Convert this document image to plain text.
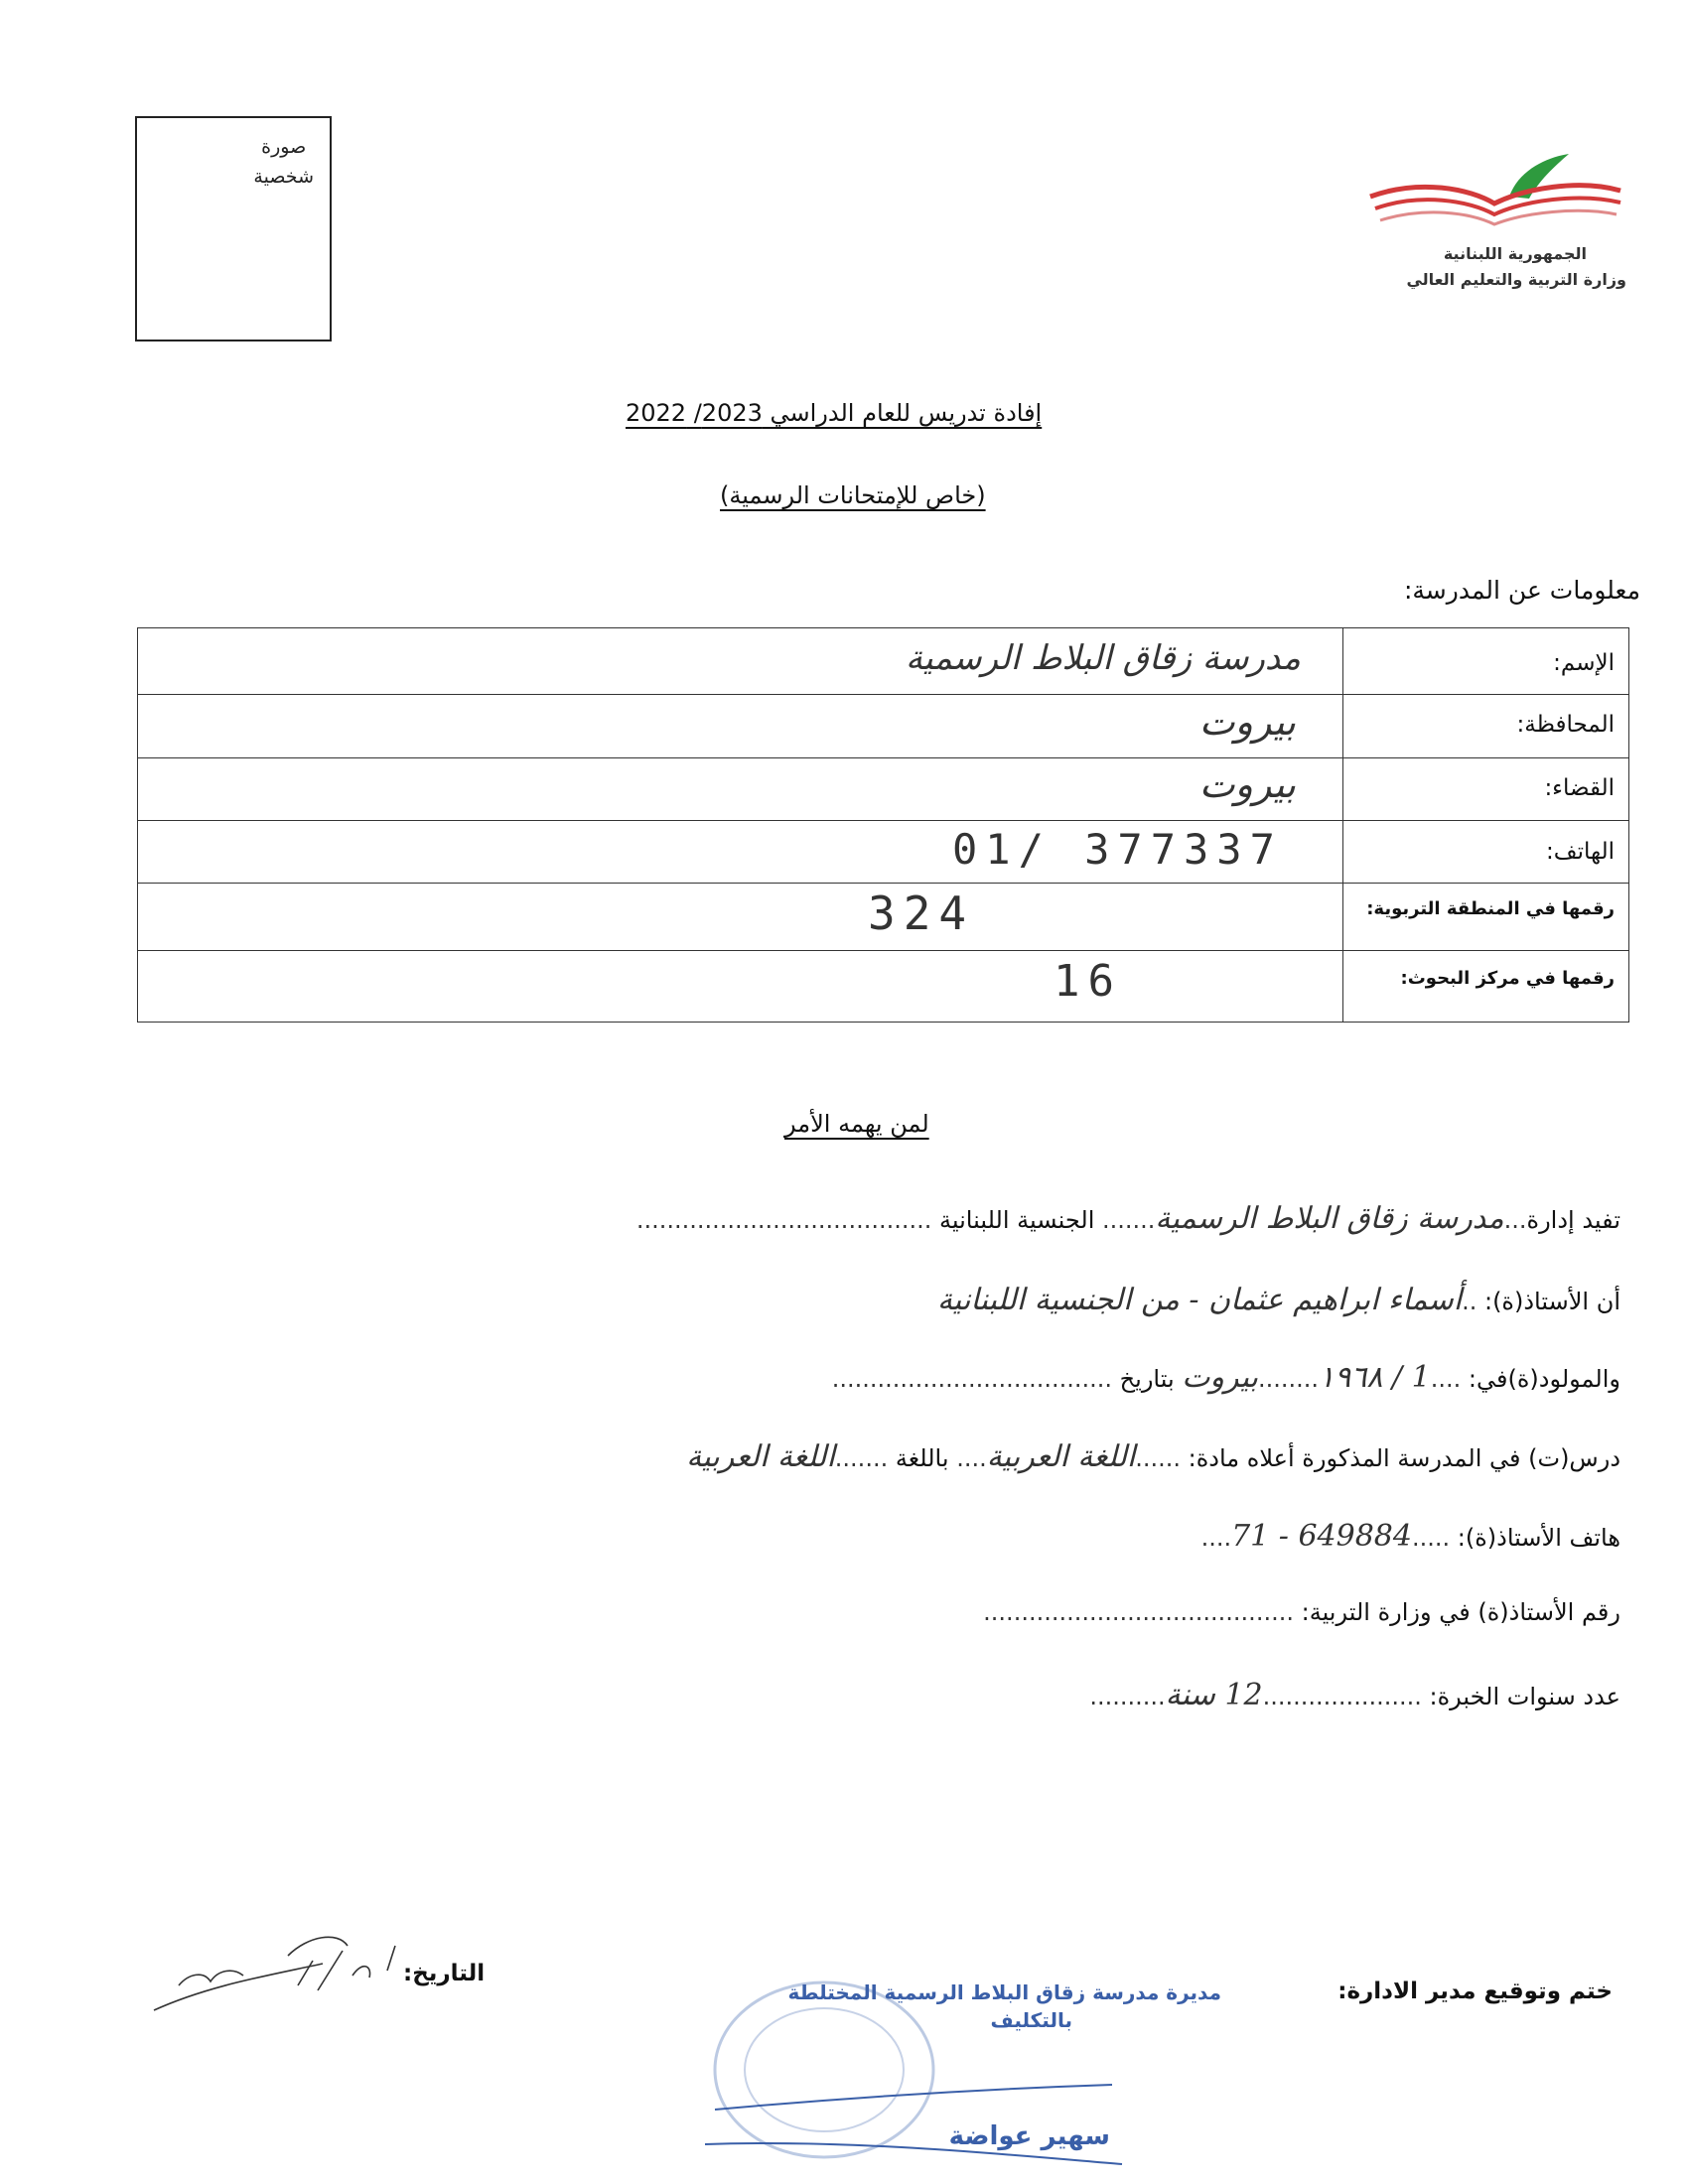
صورة
شخصية
الجمهورية اللبنانية
وزارة التربية والتعليم العالي
إفادة تدريس للعام الدراسي 2023/ 2022
(خاص للإمتحانات الرسمية)
معلومات عن المدرسة:
الإسم:
مدرسة زقاق البلاط الرسمية
المحافظة:
بيروت
القضاء:
بيروت
الهاتف:
01/ 377337
رقمها في المنطقة التربوية:
324
رقمها في مركز البحوث:
16
لمن يهمه الأمر
تفيد إدارة...مدرسة زقاق البلاط الرسمية....... الجنسية اللبنانية .......................................
أن الأستاذ(ة): ..أسماء ابراهيم عثمان - من الجنسية اللبنانية
والمولود(ة)في: ....1 / ١٩٦٨........بيروت بتاريخ .....................................
درس(ت) في المدرسة المذكورة أعلاه مادة: ......اللغة العربية.... باللغة .......اللغة العربية
هاتف الأستاذ(ة): .....71 - 649884....
رقم الأستاذ(ة) في وزارة التربية: .........................................
عدد سنوات الخبرة: .....................12 سنة..........
ختم وتوقيع مدير الادارة:
التاريخ:
مديرة مدرسة زقاق البلاط الرسمية المختلطة
بالتكليف
سهير عواضة
